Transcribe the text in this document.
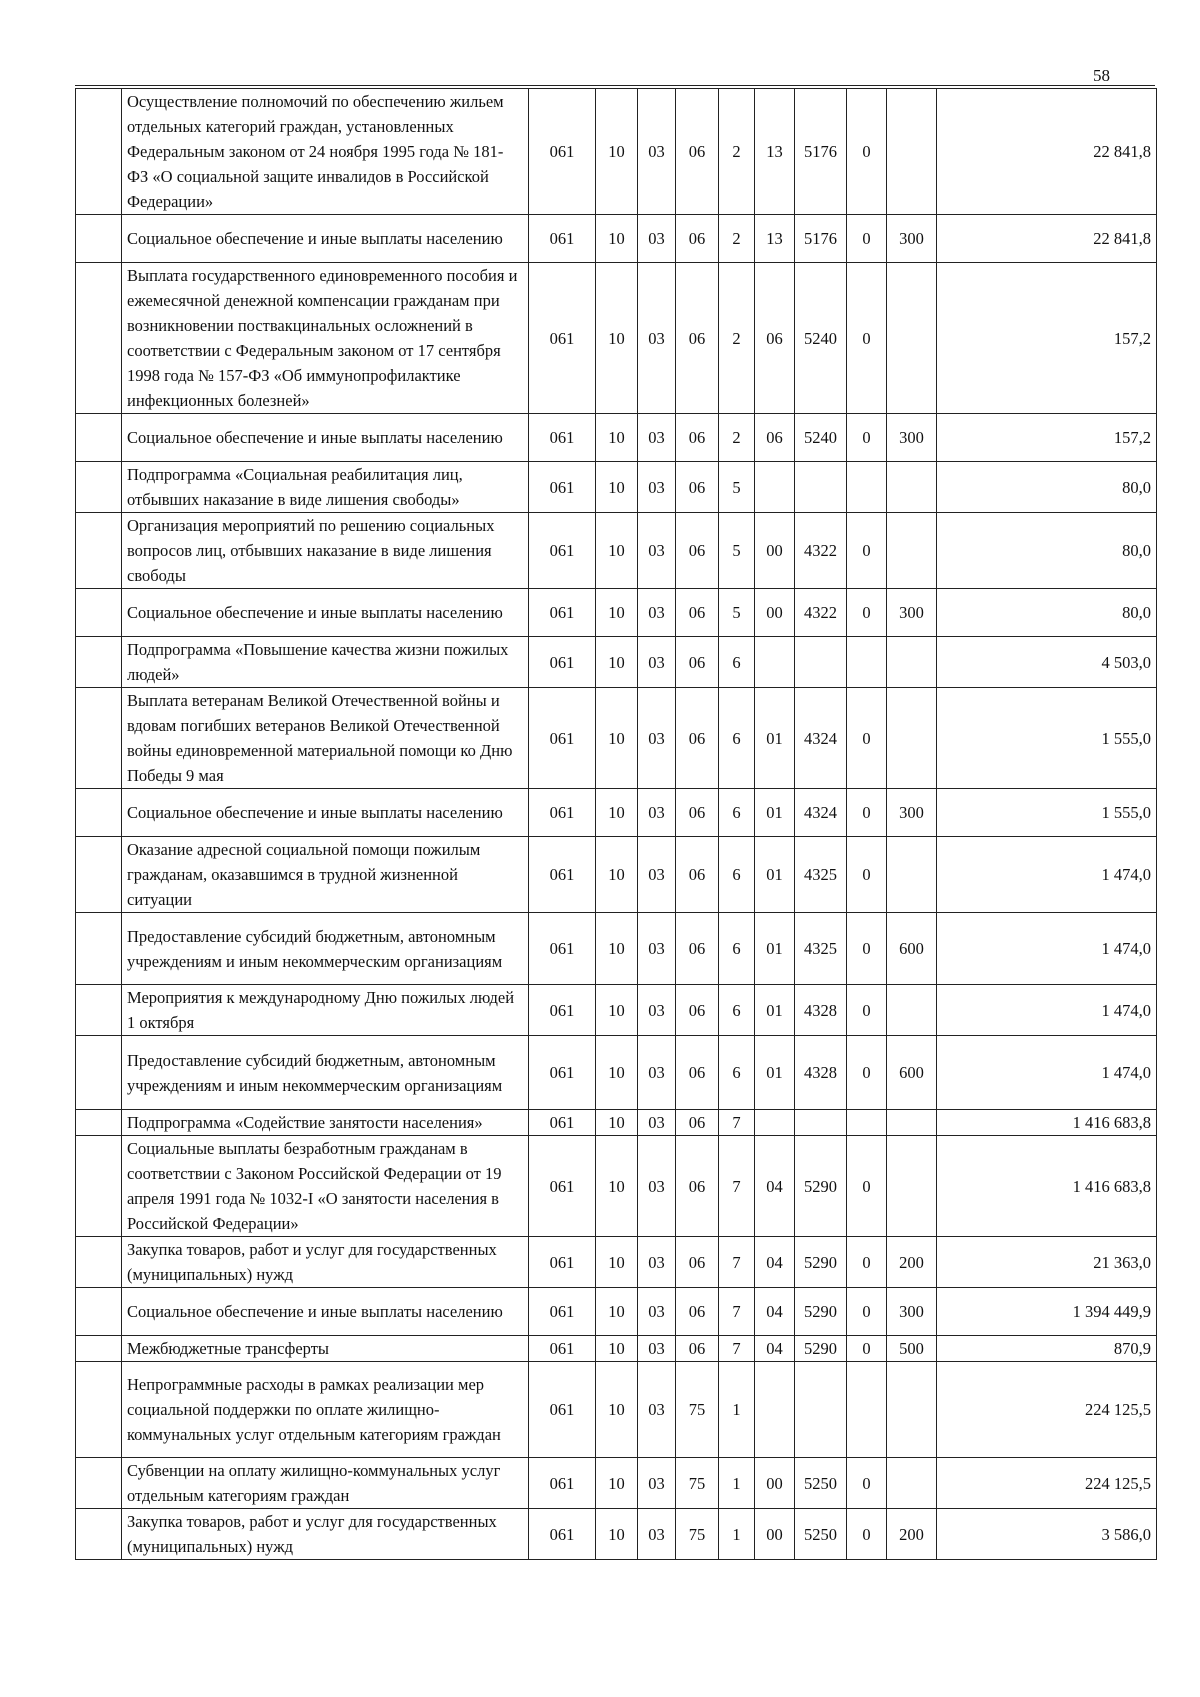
58
	Осуществление полномочий по обеспечению жильем отдельных категорий граждан, установленных Федеральным законом от 24 ноября 1995 года № 181-ФЗ «О социальной защите инвалидов в Российской Федерации»	061	10	03	06	2	13	5176	0		22 841,8
	Социальное обеспечение и иные выплаты населению	061	10	03	06	2	13	5176	0	300	22 841,8
	Выплата государственного единовременного пособия и ежемесячной денежной компенсации гражданам при возникновении поствакцинальных осложнений в соответствии с Федеральным законом от 17 сентября 1998 года № 157-ФЗ «Об иммунопрофилактике инфекционных болезней»	061	10	03	06	2	06	5240	0		157,2
	Социальное обеспечение и иные выплаты населению	061	10	03	06	2	06	5240	0	300	157,2
	Подпрограмма «Социальная реабилитация лиц, отбывших наказание в виде лишения свободы»	061	10	03	06	5					80,0
	Организация мероприятий по решению социальных вопросов лиц, отбывших наказание в виде лишения свободы	061	10	03	06	5	00	4322	0		80,0
	Социальное обеспечение и иные выплаты населению	061	10	03	06	5	00	4322	0	300	80,0
	Подпрограмма «Повышение качества жизни пожилых людей»	061	10	03	06	6					4 503,0
	Выплата ветеранам Великой Отечественной войны и вдовам погибших ветеранов Великой Отечественной войны единовременной материальной помощи ко Дню Победы 9 мая	061	10	03	06	6	01	4324	0		1 555,0
	Социальное обеспечение и иные выплаты населению	061	10	03	06	6	01	4324	0	300	1 555,0
	Оказание адресной социальной помощи пожилым гражданам, оказавшимся в трудной жизненной ситуации	061	10	03	06	6	01	4325	0		1 474,0
	Предоставление субсидий бюджетным, автономным учреждениям и иным некоммерческим организациям	061	10	03	06	6	01	4325	0	600	1 474,0
	Мероприятия к международному Дню пожилых людей 1 октября	061	10	03	06	6	01	4328	0		1 474,0
	Предоставление субсидий бюджетным, автономным учреждениям и иным некоммерческим организациям	061	10	03	06	6	01	4328	0	600	1 474,0
	Подпрограмма «Содействие занятости населения»	061	10	03	06	7					1 416 683,8
	Социальные выплаты безработным гражданам в соответствии с Законом Российской Федерации от 19 апреля 1991 года № 1032-I «О занятости населения в Российской Федерации»	061	10	03	06	7	04	5290	0		1 416 683,8
	Закупка товаров, работ и услуг для государственных (муниципальных) нужд	061	10	03	06	7	04	5290	0	200	21 363,0
	Социальное обеспечение и иные выплаты населению	061	10	03	06	7	04	5290	0	300	1 394 449,9
	Межбюджетные трансферты	061	10	03	06	7	04	5290	0	500	870,9
	Непрограммные расходы в рамках реализации мер социальной поддержки по оплате жилищно-коммунальных услуг отдельным категориям граждан	061	10	03	75	1					224 125,5
	Субвенции на оплату жилищно-коммунальных услуг отдельным категориям граждан	061	10	03	75	1	00	5250	0		224 125,5
	Закупка товаров, работ и услуг для государственных (муниципальных) нужд	061	10	03	75	1	00	5250	0	200	3 586,0
